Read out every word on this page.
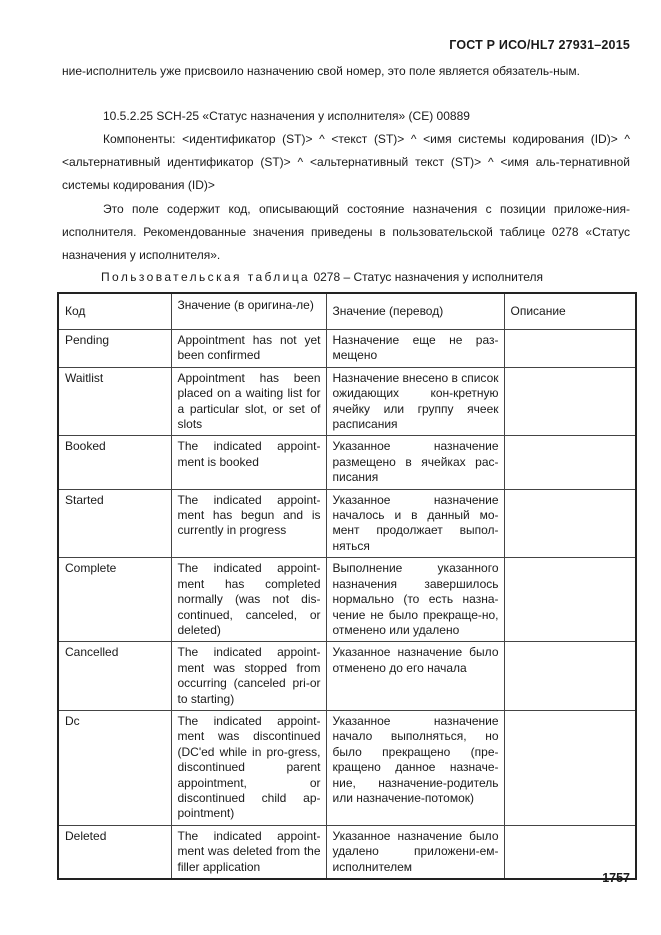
ГОСТ Р ИСО/HL7 27931–2015

ние-исполнитель уже присвоило назначению свой номер, это поле является обязатель-ным.

10.5.2.25 SCH-25 «Статус назначения у исполнителя» (CE) 00889

Компоненты: <идентификатор (ST)> ^ <текст (ST)> ^ <имя системы кодирования (ID)> ^ <альтернативный идентификатор (ST)> ^ <альтернативный текст (ST)> ^ <имя аль-тернативной системы кодирования (ID)>

Это поле содержит код, описывающий состояние назначения с позиции приложе-ния-исполнителя. Рекомендованные значения приведены в пользовательской таблице 0278 «Статус назначения у исполнителя».

Пользовательская таблица 0278 – Статус назначения у исполнителя
Код	Значение (в оригина-ле)	Значение (перевод)	Описание
Pending	Appointment has not yet been confirmed	Назначение еще не раз-мещено	
Waitlist	Appointment has been placed on a waiting list for a particular slot, or set of slots	Назначение внесено в список ожидающих кон-кретную ячейку или группу ячеек расписания	
Booked	The indicated appoint-ment is booked	Указанное назначение размещено в ячейках рас-писания	
Started	The indicated appoint-ment has begun and is currently in progress	Указанное назначение началось и в данный мо-мент продолжает выпол-няться	
Complete	The indicated appoint-ment has completed normally (was not dis-continued, canceled, or deleted)	Выполнение указанного назначения завершилось нормально (то есть назна-чение не было прекраще-но, отменено или удалено	
Cancelled	The indicated appoint-ment was stopped from occurring (canceled pri-or to starting)	Указанное назначение было отменено до его начала	
Dc	The indicated appoint-ment was discontinued (DC'ed while in pro-gress, discontinued parent appointment, or discontinued child ap-pointment)	Указанное назначение начало выполняться, но было прекращено (пре-кращено данное назначе-ние, назначение-родитель или назначение-потомок)	
Deleted	The indicated appoint-ment was deleted from the filler application	Указанное назначение было удалено приложени-ем-исполнителем	
1757
